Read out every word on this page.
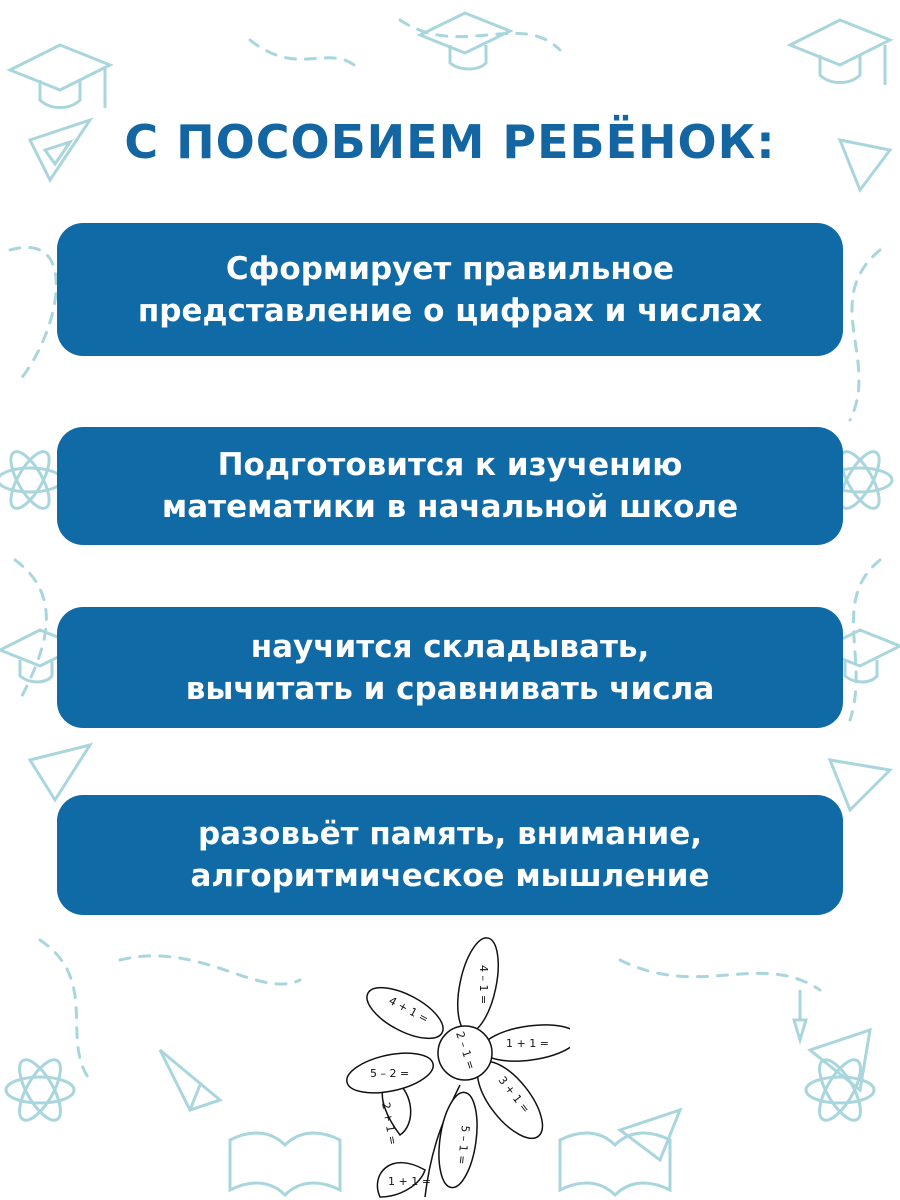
С ПОСОБИЕМ РЕБЁНОК:
Сформирует правильное
представление о цифрах и числах
Подготовится к изучению
математики в начальной школе
научится складывать,
вычитать и сравнивать числа
разовьёт память, внимание,
алгоритмическое мышление
2 – 1 =
4 – 1 =
1 + 1 =
3 + 1 =
5 – 1 =
5 – 2 =
4 + 1 =
2 + 1 =
1 + 1 =
